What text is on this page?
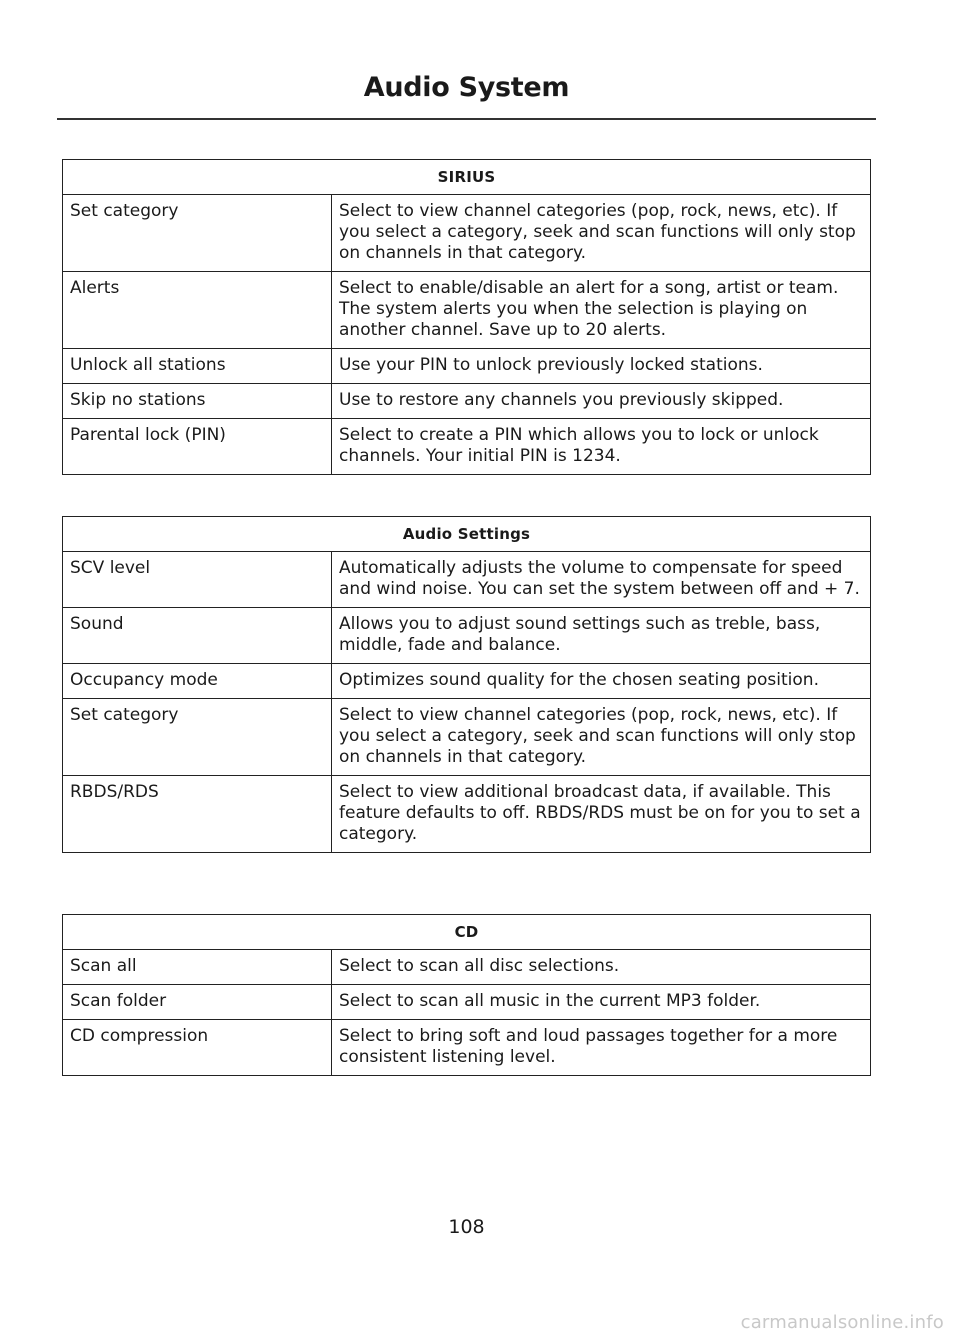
Audio System
SIRIUS	
Set category	Select to view channel categories (pop, rock, news, etc). If you select a category, seek and scan functions will only stop on channels in that category.
Alerts	Select to enable/disable an alert for a song, artist or team. The system alerts you when the selection is playing on another channel. Save up to 20 alerts.
Unlock all stations	Use your PIN to unlock previously locked stations.
Skip no stations	Use to restore any channels you previously skipped.
Parental lock (PIN)	Select to create a PIN which allows you to lock or unlock channels. Your initial PIN is 1234.
Audio Settings	
SCV level	Automatically adjusts the volume to compensate for speed and wind noise. You can set the system between off and + 7.
Sound	Allows you to adjust sound settings such as treble, bass, middle, fade and balance.
Occupancy mode	Optimizes sound quality for the chosen seating position.
Set category	Select to view channel categories (pop, rock, news, etc). If you select a category, seek and scan functions will only stop on channels in that category.
RBDS/RDS	Select to view additional broadcast data, if available. This feature defaults to off. RBDS/RDS must be on for you to set a category.
CD	
Scan all	Select to scan all disc selections.
Scan folder	Select to scan all music in the current MP3 folder.
CD compression	Select to bring soft and loud passages together for a more consistent listening level.
108
carmanualsonline.info
